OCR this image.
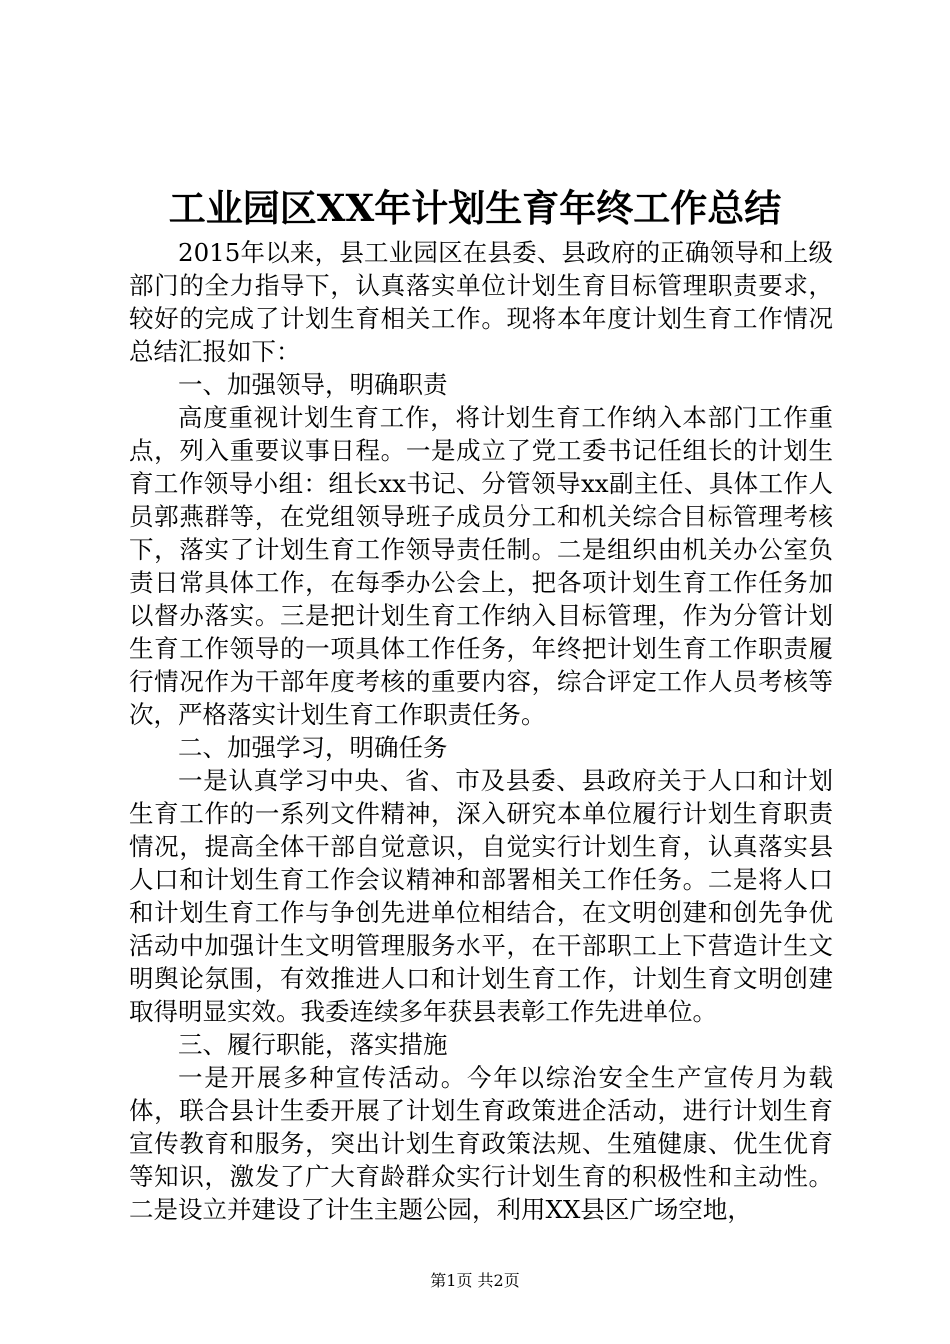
工业园区XX年计划生育年终工作总结

2015年以来，县工业园区在县委、县政府的正确领导和上级部门的全力指导下，认真落实单位计划生育目标管理职责要求，较好的完成了计划生育相关工作。现将本年度计划生育工作情况总结汇报如下：

一、加强领导，明确职责

高度重视计划生育工作，将计划生育工作纳入本部门工作重点，列入重要议事日程。一是成立了党工委书记任组长的计划生育工作领导小组：组长xx书记、分管领导xx副主任、具体工作人员郭燕群等，在党组领导班子成员分工和机关综合目标管理考核下，落实了计划生育工作领导责任制。二是组织由机关办公室负责日常具体工作，在每季办公会上，把各项计划生育工作任务加以督办落实。三是把计划生育工作纳入目标管理，作为分管计划生育工作领导的一项具体工作任务，年终把计划生育工作职责履行情况作为干部年度考核的重要内容，综合评定工作人员考核等次，严格落实计划生育工作职责任务。

二、加强学习，明确任务

一是认真学习中央、省、市及县委、县政府关于人口和计划生育工作的一系列文件精神，深入研究本单位履行计划生育职责情况，提高全体干部自觉意识，自觉实行计划生育，认真落实县人口和计划生育工作会议精神和部署相关工作任务。二是将人口和计划生育工作与争创先进单位相结合，在文明创建和创先争优活动中加强计生文明管理服务水平，在干部职工上下营造计生文明舆论氛围，有效推进人口和计划生育工作，计划生育文明创建取得明显实效。我委连续多年获县表彰工作先进单位。

三、履行职能，落实措施

一是开展多种宣传活动。今年以综治安全生产宣传月为载体，联合县计生委开展了计划生育政策进企活动，进行计划生育宣传教育和服务，突出计划生育政策法规、生殖健康、优生优育等知识，激发了广大育龄群众实行计划生育的积极性和主动性。二是设立并建设了计生主题公园，利用XX县区广场空地，

第1页 共2页
